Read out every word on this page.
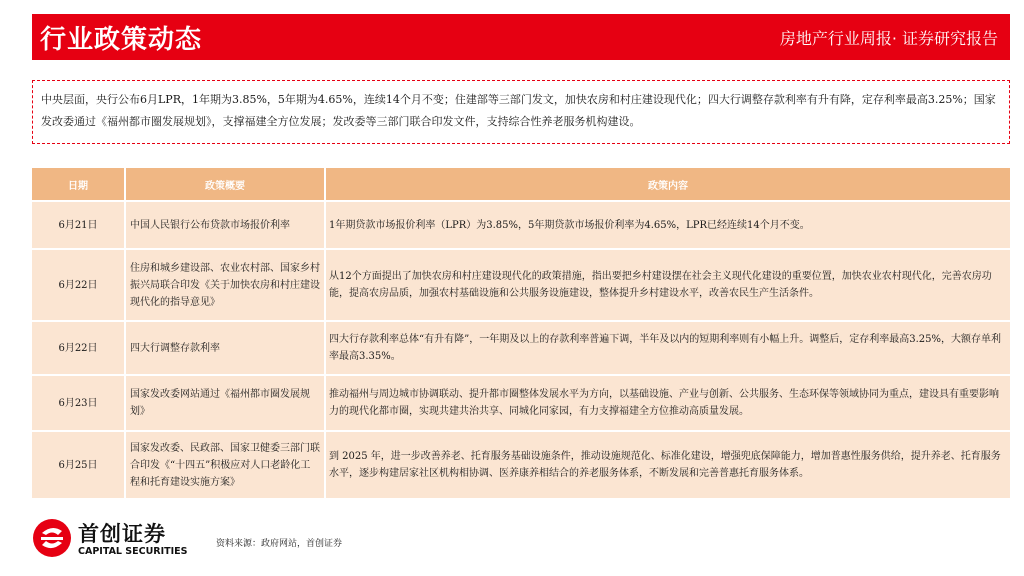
行业政策动态	房地产行业周报· 证券研究报告
中央层面，央行公布6月LPR，1年期为3.85%，5年期为4.65%，连续14个月不变；住建部等三部门发文，加快农房和村庄建设现代化；四大行调整存款利率有升有降，定存利率最高3.25%；国家发改委通过《福州都市圈发展规划》，支撑福建全方位发展；发改委等三部门联合印发文件，支持综合性养老服务机构建设。
日期	政策概要	政策内容
6月21日	中国人民银行公布贷款市场报价利率	1年期贷款市场报价利率（LPR）为3.85%，5年期贷款市场报价利率为4.65%，LPR已经连续14个月不变。
6月22日	住房和城乡建设部、农业农村部、国家乡村振兴局联合印发《关于加快农房和村庄建设现代化的指导意见》	从12个方面提出了加快农房和村庄建设现代化的政策措施，指出要把乡村建设摆在社会主义现代化建设的重要位置，加快农业农村现代化，完善农房功能，提高农房品质，加强农村基础设施和公共服务设施建设，整体提升乡村建设水平，改善农民生产生活条件。
6月22日	四大行调整存款利率	四大行存款利率总体“有升有降”，一年期及以上的存款利率普遍下调，半年及以内的短期利率则有小幅上升。调整后，定存利率最高3.25%，大额存单利率最高3.35%。
6月23日	国家发改委网站通过《福州都市圈发展规划》	推动福州与周边城市协调联动、提升都市圈整体发展水平为方向，以基础设施、产业与创新、公共服务、生态环保等领域协同为重点，建设具有重要影响力的现代化都市圈，实现共建共治共享、同城化同家园，有力支撑福建全方位推动高质量发展。
6月25日	国家发改委、民政部、国家卫健委三部门联合印发《“十四五”积极应对人口老龄化工程和托育建设实施方案》	到 2025 年，进一步改善养老、托育服务基础设施条件，推动设施规范化、标准化建设，增强兜底保障能力，增加普惠性服务供给，提升养老、托育服务水平，逐步构建居家社区机构相协调、医养康养相结合的养老服务体系，不断发展和完善普惠托育服务体系。
首创证券
CAPITAL SECURITIES
资料来源：政府网站，首创证券
